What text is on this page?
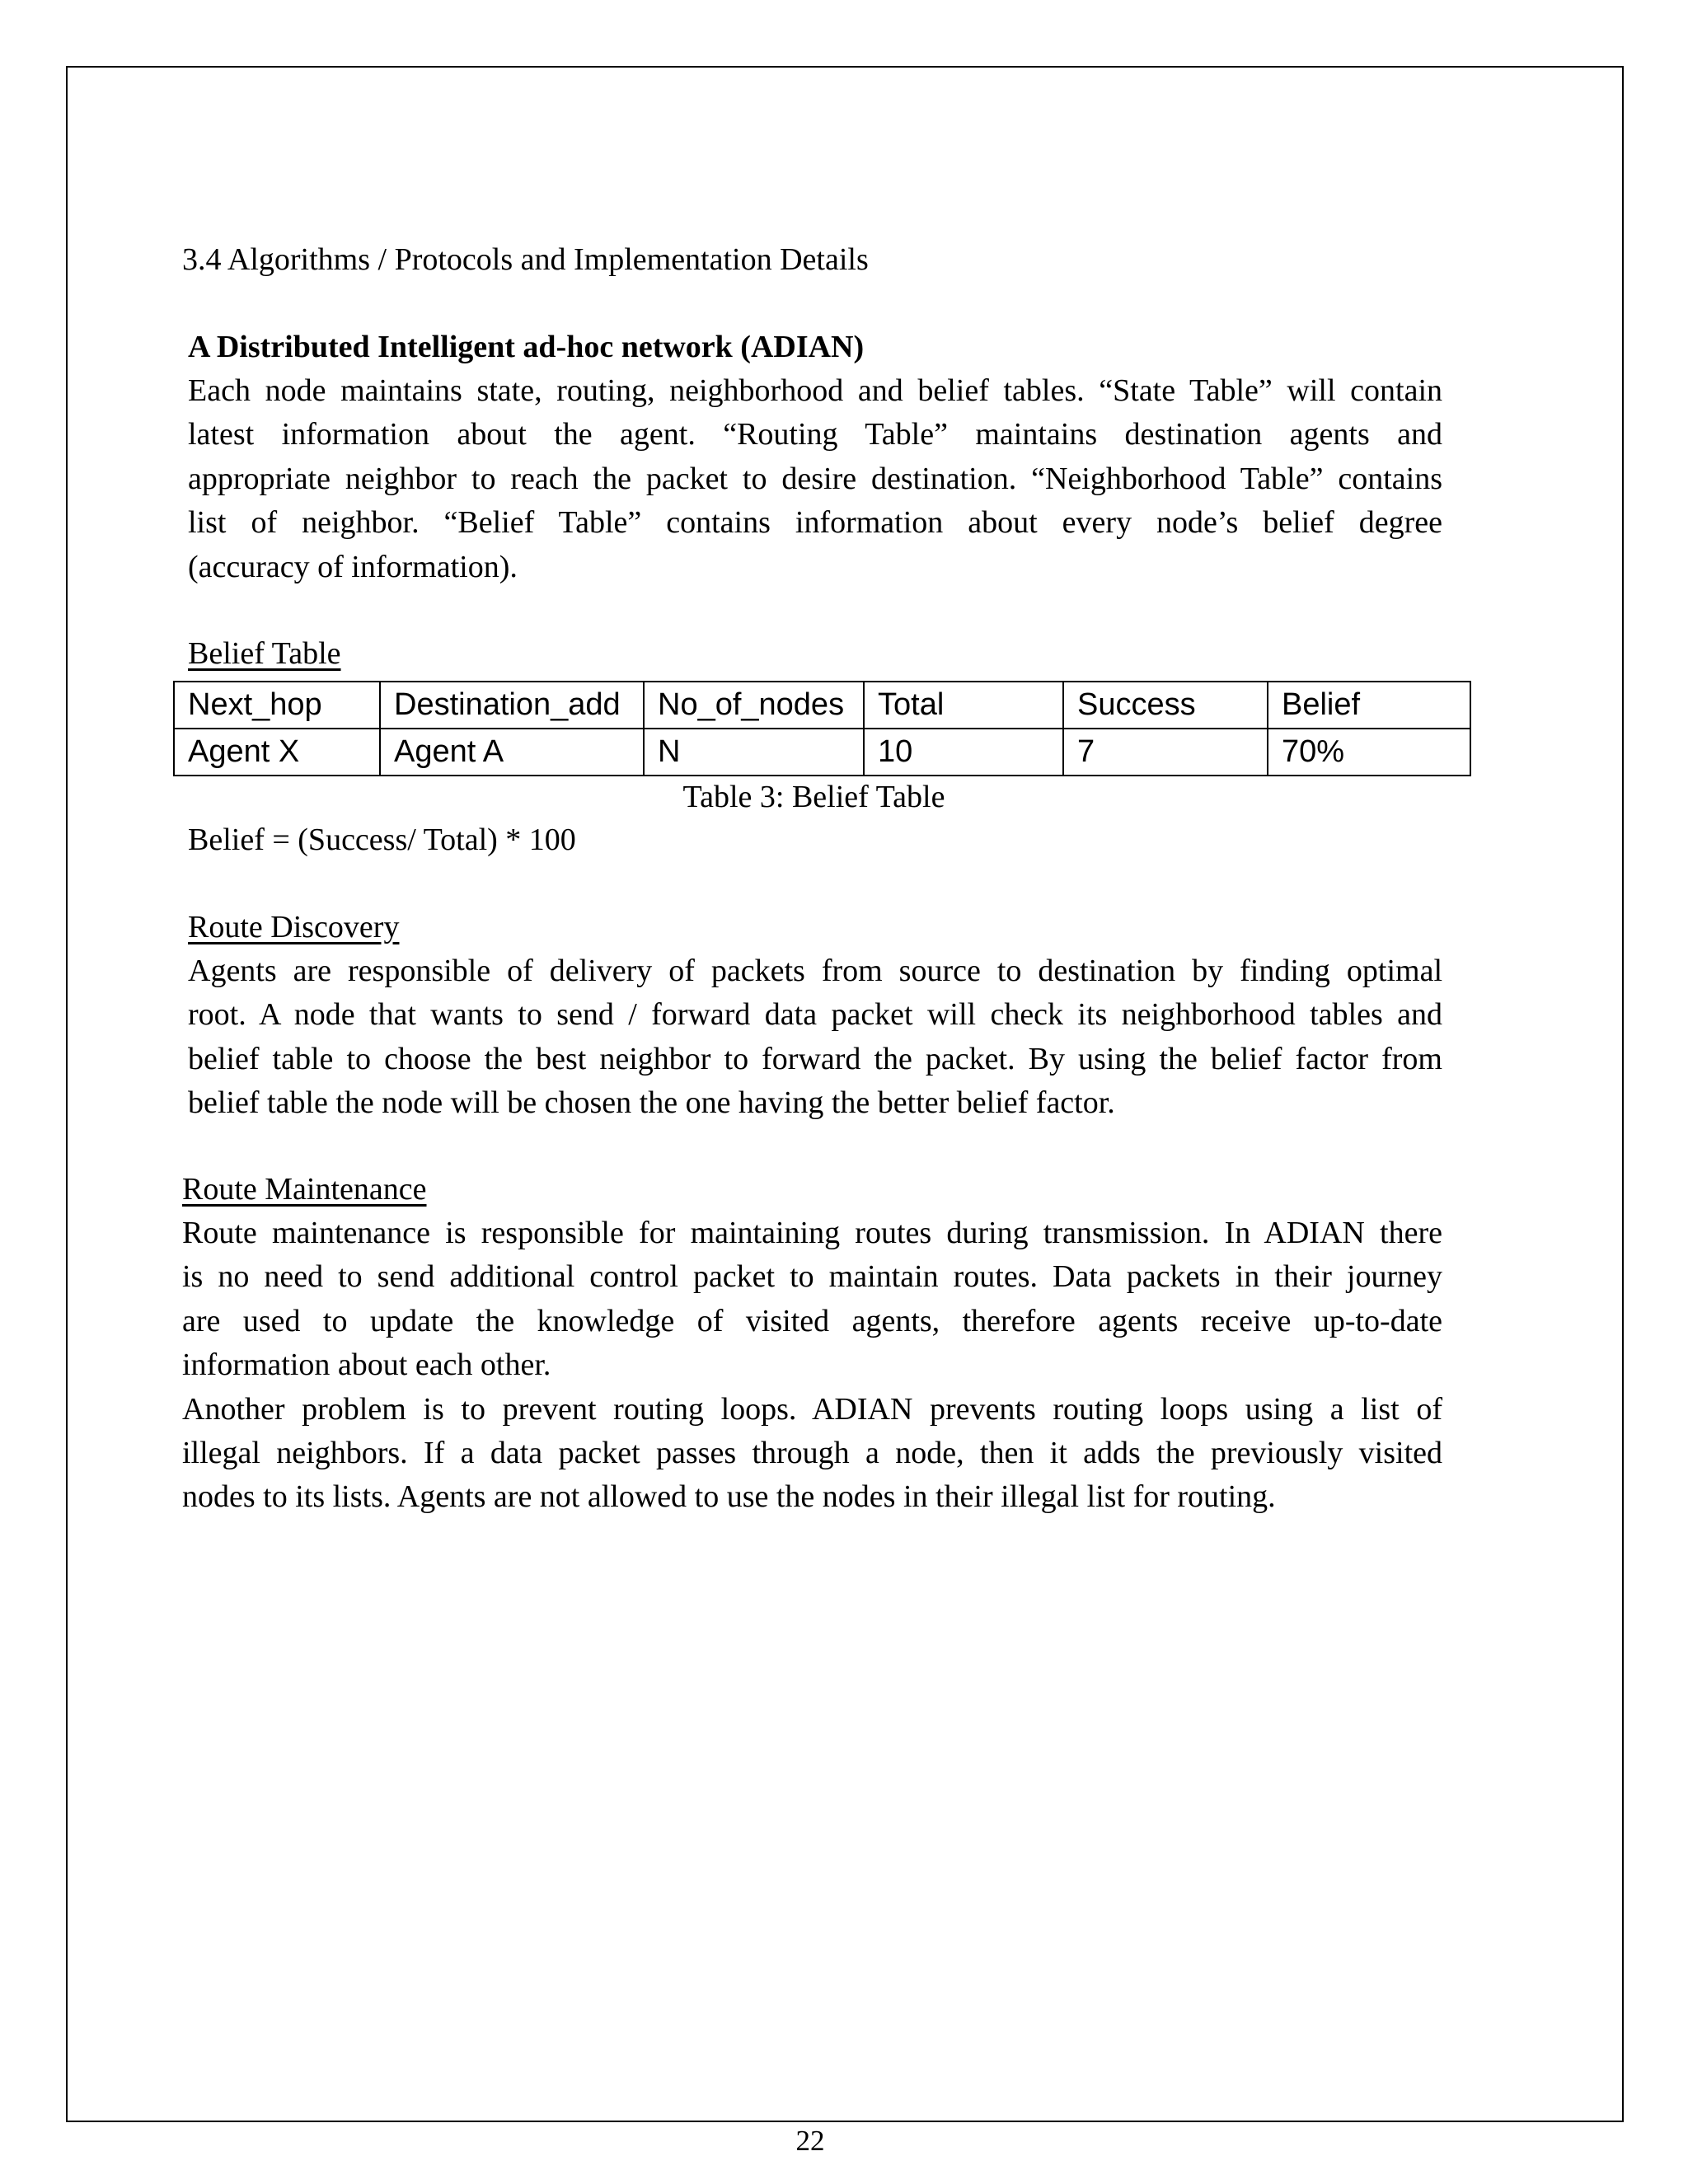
3.4 Algorithms / Protocols and Implementation Details
A Distributed Intelligent ad-hoc network (ADIAN)
Each node maintains state, routing, neighborhood and belief tables. “State Table” will contain
latest information about the agent. “Routing Table” maintains destination agents and
appropriate neighbor to reach the packet to desire destination. “Neighborhood Table” contains
list of neighbor. “Belief Table” contains information about every node’s belief degree
(accuracy of information).
Belief Table
Next_hop	Destination_add	No_of_nodes	Total	Success	Belief
Agent X	Agent A	N	10	7	70%
Table 3: Belief Table
Belief = (Success/ Total) * 100
Route Discovery
Agents are responsible of delivery of packets from source to destination by finding optimal
root. A node that wants to send / forward data packet will check its neighborhood tables and
belief table to choose the best neighbor to forward the packet. By using the belief factor from
belief table the node will be chosen the one having the better belief factor.
Route Maintenance
Route maintenance is responsible for maintaining routes during transmission. In ADIAN there
is no need to send additional control packet to maintain routes. Data packets in their journey
are used to update the knowledge of visited agents, therefore agents receive up-to-date
information about each other.
Another problem is to prevent routing loops. ADIAN prevents routing loops using a list of
illegal neighbors. If a data packet passes through a node, then it adds the previously visited
nodes to its lists. Agents are not allowed to use the nodes in their illegal list for routing.
22
